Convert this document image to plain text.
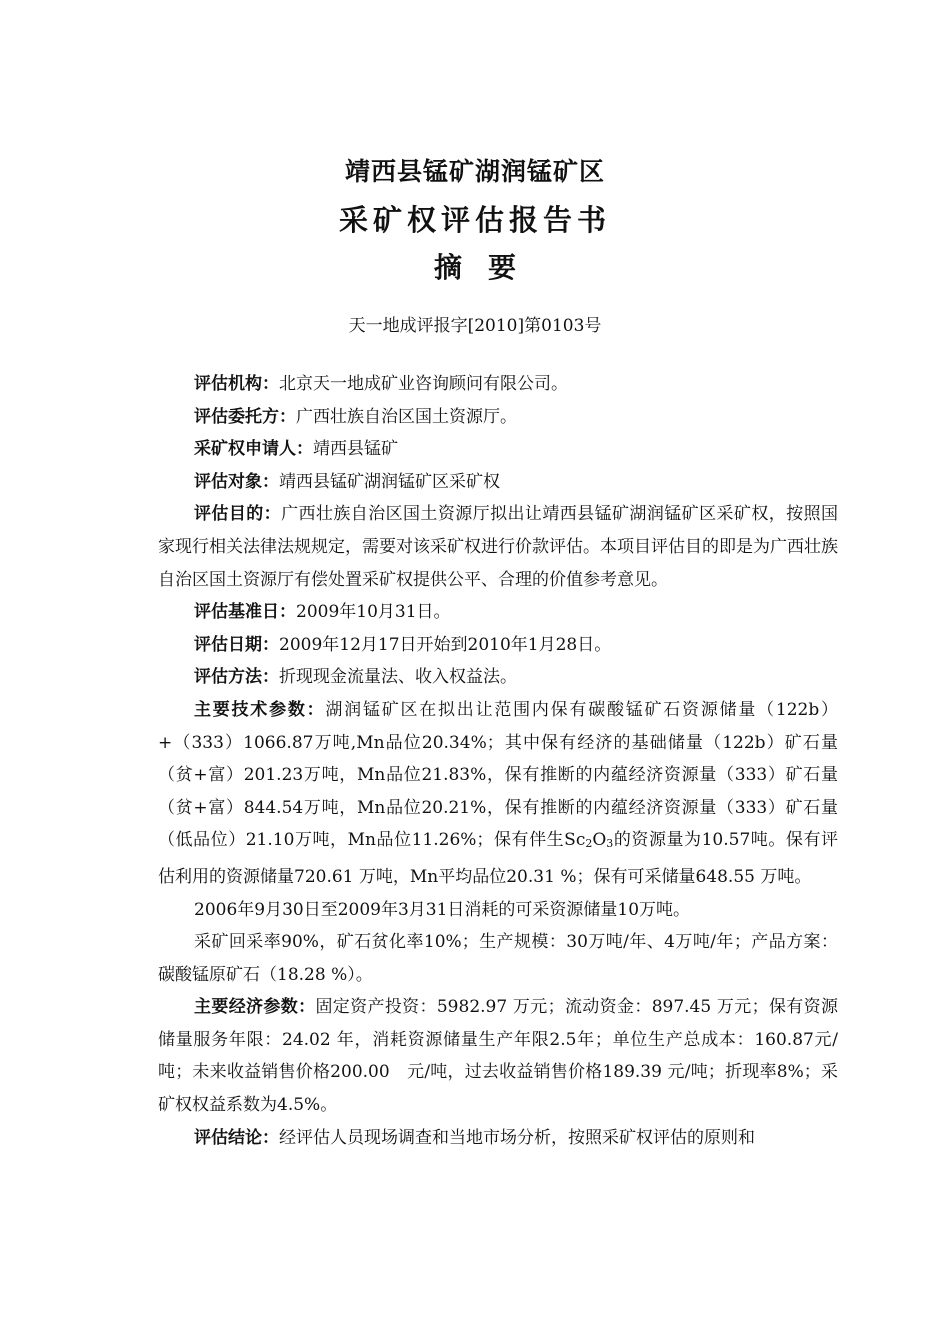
靖西县锰矿湖润锰矿区
采矿权评估报告书
摘要
天一地成评报字[2010]第0103号

评估机构：北京天一地成矿业咨询顾问有限公司。

评估委托方：广西壮族自治区国土资源厅。

采矿权申请人：靖西县锰矿

评估对象：靖西县锰矿湖润锰矿区采矿权

评估目的：广西壮族自治区国土资源厅拟出让靖西县锰矿湖润锰矿区采矿权，按照国家现行相关法律法规规定，需要对该采矿权进行价款评估。本项目评估目的即是为广西壮族自治区国土资源厅有偿处置采矿权提供公平、合理的价值参考意见。

评估基准日：2009年10月31日。

评估日期：2009年12月17日开始到2010年1月28日。

评估方法：折现现金流量法、收入权益法。

主要技术参数：湖润锰矿区在拟出让范围内保有碳酸锰矿石资源储量（122b）+（333）1066.87万吨,Mn品位20.34%；其中保有经济的基础储量（122b）矿石量（贫+富）201.23万吨，Mn品位21.83%，保有推断的内蕴经济资源量（333）矿石量（贫+富）844.54万吨，Mn品位20.21%，保有推断的内蕴经济资源量（333）矿石量（低品位）21.10万吨，Mn品位11.26%；保有伴生Sc2O3的资源量为10.57吨。保有评估利用的资源储量720.61 万吨，Mn平均品位20.31 %；保有可采储量648.55 万吨。

2006年9月30日至2009年3月31日消耗的可采资源储量10万吨。

采矿回采率90%，矿石贫化率10%；生产规模：30万吨/年、4万吨/年；产品方案：碳酸锰原矿石（18.28 %）。

主要经济参数：固定资产投资：5982.97 万元；流动资金：897.45 万元；保有资源储量服务年限：24.02 年，消耗资源储量生产年限2.5年；单位生产总成本：160.87元/吨；未来收益销售价格200.00　元/吨，过去收益销售价格189.39 元/吨；折现率8%；采矿权权益系数为4.5%。

评估结论：经评估人员现场调查和当地市场分析，按照采矿权评估的原则和
